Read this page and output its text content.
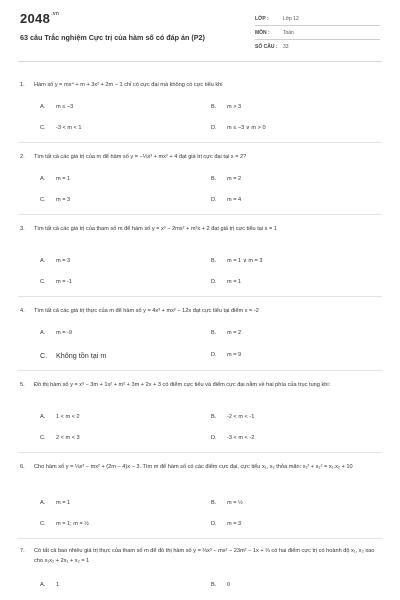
$2048^{.vn}$
63 câu Trắc nghiệm Cực trị của hàm số có đáp án (P2)
LỚP :	Lớp 12
MÔN :	Toán
SỐ CÂU : 33
1.	Hàm số y = mx⁴ + m + 3x² + 2m − 1 chỉ có cực đại mà không có cực tiểu khi
A. m ≤ −3	B. m > 3
C. -3 < m < 1	D. m ≤ −3 ∨ m > 0
2.	Tìm tất cả các giá trị của m để hàm số y = −⅓x³ + mx² + 4 đạt giá trị cực đại tại x = 2?
A. m = 1	B. m = 2
C. m = 3	D. m = 4
3.	Tìm tất cả các giá trị của tham số m để hàm số y = x³ − 2mx² + m²x + 2 đạt giá trị cực tiểu tại x = 1
A. m = 3	B. m = 1 ∨ m = 3
C. m = -1	D. m = 1
4.	Tìm tất cả các giá trị thực của m để hàm số y = 4x³ + mx² − 12x đạt cực tiểu tại điểm x = -2
A. m = -9	B. m = 2
C. Không tồn tại m	D. m = 9
5.	Đồ thị hàm số y = x³ − 3m + 1x² + m² + 3m + 2x + 3 có điểm cực tiểu và điểm cực đại nằm về hai phía của trục tung khi:
A. 1 < m < 2	B. -2 < m < -1
C. 2 < m < 3	D. -3 < m < -2
6.	Cho hàm số y = ⅓x³ − mx² + (2m − 4)x − 3. Tìm m để hàm số có các điểm cực đại, cực tiểu x₁, x₂ thỏa mãn: x₁² + x₂² = x₁.x₂ + 10
A. m = 1	B. m = ½
C. m = 1; m = ½	D. m = 3
7.	Có tất cả bao nhiêu giá trị thực của tham số m để đồ thị hàm số y = ⅔x³ − mx² − 23m² − 1x + ⅔ có hai điểm cực trị có hoành độ x₁, x₂ sao cho x₁x₂ + 2x₁ + x₂ = 1
A. 1	B. 0
